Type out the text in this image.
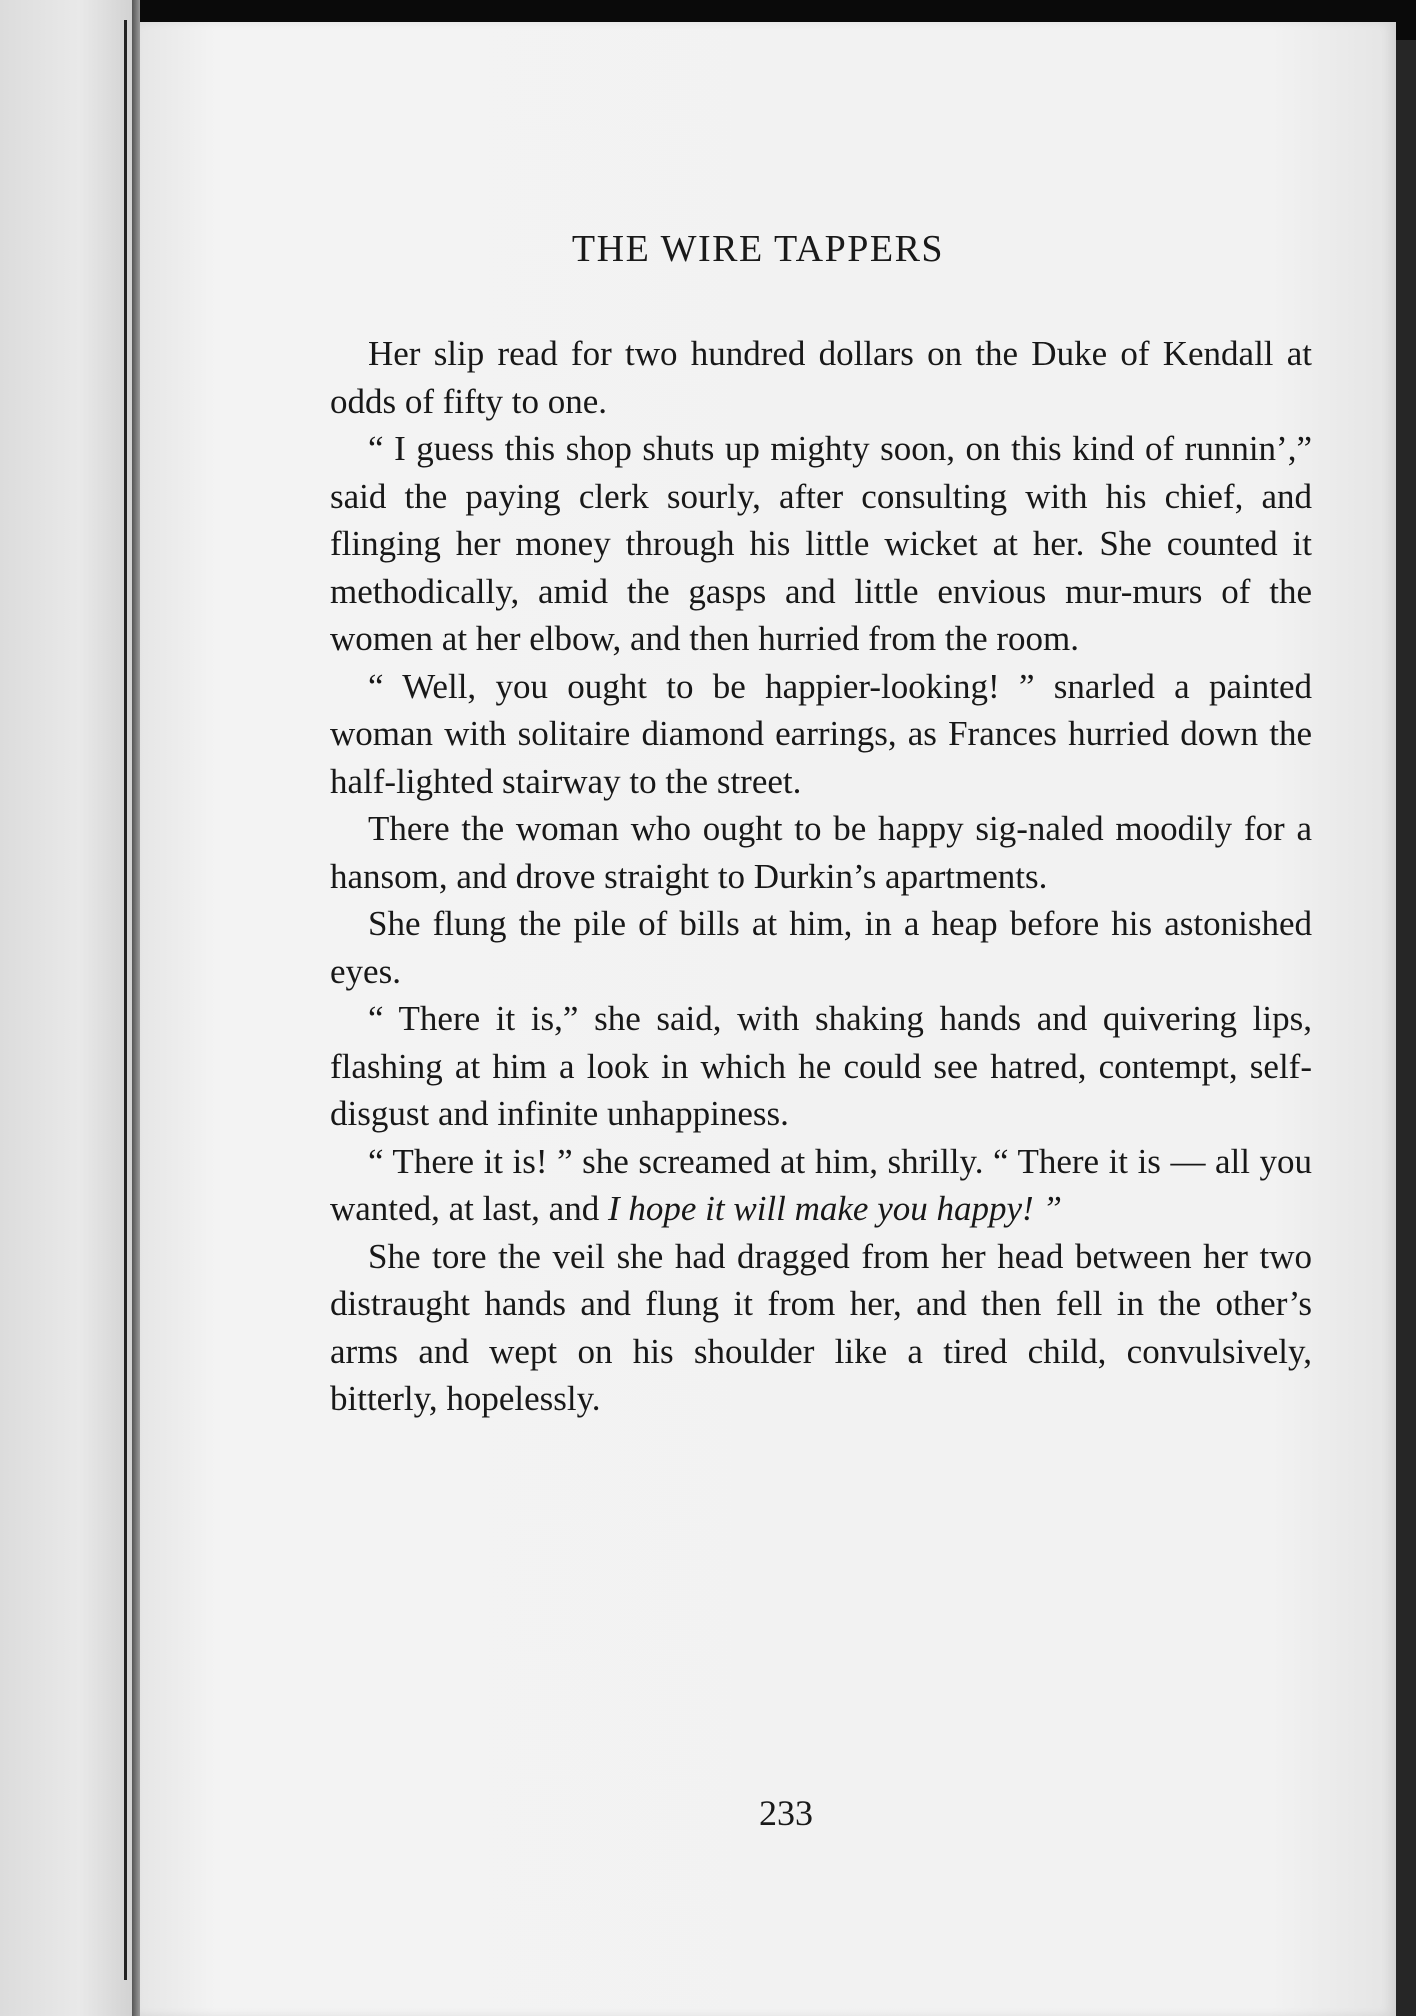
THE WIRE TAPPERS

Her slip read for two hundred dollars on the Duke of Kendall at odds of fifty to one.

“ I guess this shop shuts up mighty soon, on this kind of runnin’,” said the paying clerk sourly, after consulting with his chief, and flinging her money through his little wicket at her. She counted it methodically, amid the gasps and little envious mur-murs of the women at her elbow, and then hurried from the room.

“ Well, you ought to be happier-looking! ” snarled a painted woman with solitaire diamond earrings, as Frances hurried down the half-lighted stairway to the street.

There the woman who ought to be happy sig-naled moodily for a hansom, and drove straight to Durkin’s apartments.

She flung the pile of bills at him, in a heap before his astonished eyes.

“ There it is,” she said, with shaking hands and quivering lips, flashing at him a look in which he could see hatred, contempt, self-disgust and infinite unhappiness.

“ There it is! ” she screamed at him, shrilly. “ There it is — all you wanted, at last, and I hope it will make you happy! ”

She tore the veil she had dragged from her head between her two distraught hands and flung it from her, and then fell in the other’s arms and wept on his shoulder like a tired child, convulsively, bitterly, hopelessly.

233
